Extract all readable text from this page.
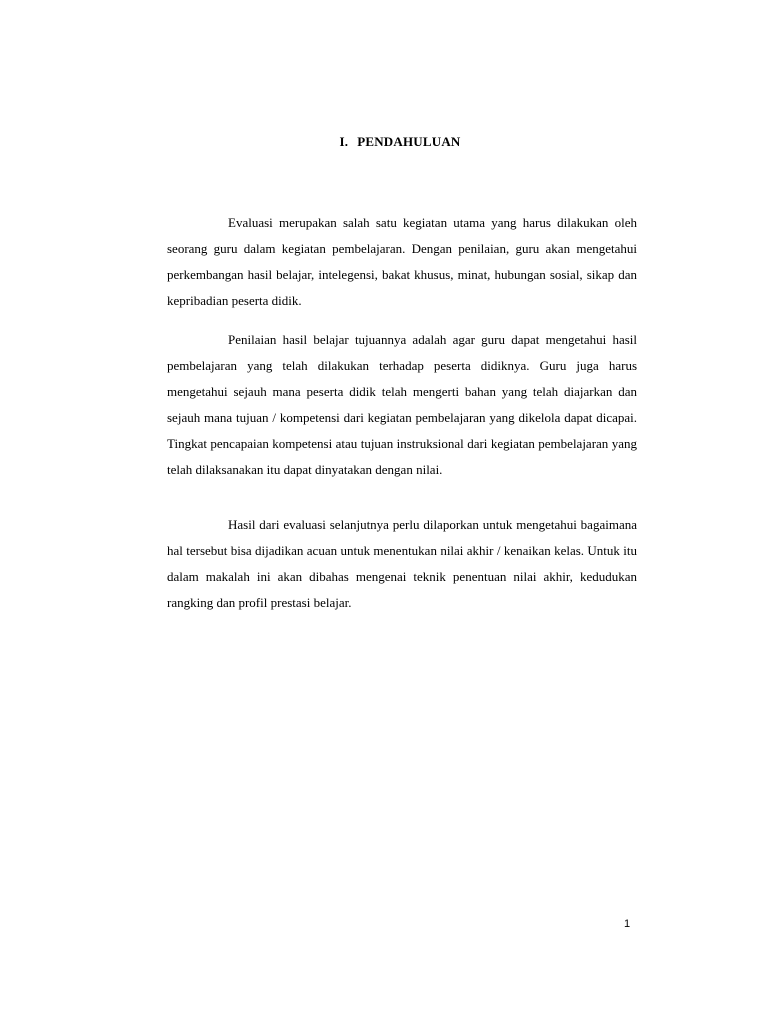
I. PENDAHULUAN

Evaluasi merupakan salah satu kegiatan utama yang harus dilakukan oleh seorang guru dalam kegiatan pembelajaran. Dengan penilaian, guru akan mengetahui perkembangan hasil belajar, intelegensi, bakat khusus, minat, hubungan sosial, sikap dan kepribadian peserta didik.

Penilaian hasil belajar tujuannya adalah agar guru dapat mengetahui hasil pembelajaran yang telah dilakukan terhadap peserta didiknya. Guru juga harus mengetahui sejauh mana peserta didik telah mengerti bahan yang telah diajarkan dan sejauh mana tujuan / kompetensi dari kegiatan pembelajaran yang dikelola dapat dicapai. Tingkat pencapaian kompetensi atau tujuan instruksional dari kegiatan pembelajaran yang telah dilaksanakan itu dapat dinyatakan dengan nilai.

Hasil dari evaluasi selanjutnya perlu dilaporkan untuk mengetahui bagaimana hal tersebut bisa dijadikan acuan untuk menentukan nilai akhir / kenaikan kelas. Untuk itu dalam makalah ini akan dibahas mengenai teknik penentuan nilai akhir, kedudukan rangking dan profil prestasi belajar.

1
